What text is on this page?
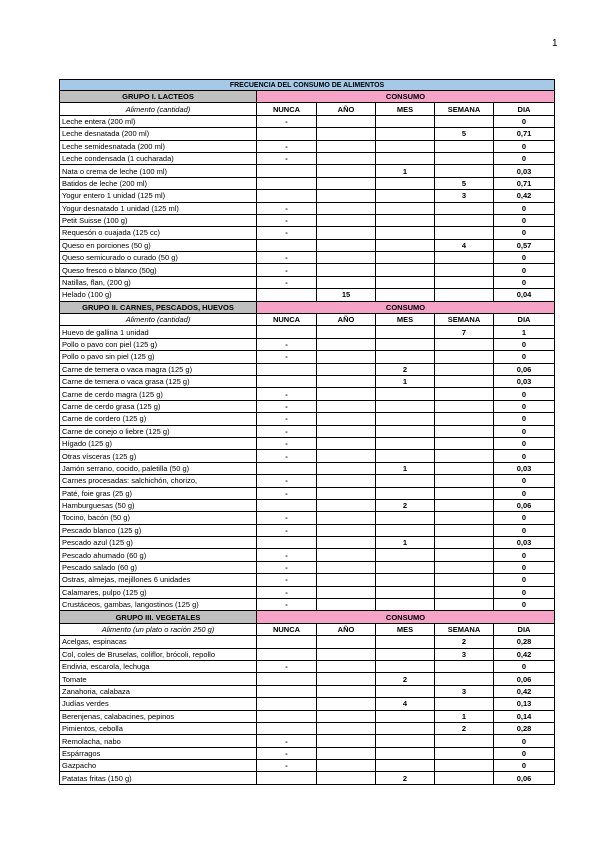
1
FRECUENCIA DEL CONSUMO DE ALIMENTOS					
GRUPO I. LACTEOS	CONSUMO				
Alimento (cantidad)	NUNCA	AÑO	MES	SEMANA	DIA
Leche entera (200 ml)	-				0
Leche desnatada (200 ml)				5	0,71
Leche semidesnatada (200 ml)	-				0
Leche condensada (1 cucharada)	-				0
Nata o crema de leche (100 ml)			1		0,03
Batidos de leche (200 ml)				5	0,71
Yogur entero 1 unidad (125 ml)				3	0,42
Yogur desnatado 1 unidad (125 ml)	-				0
Petit Suisse (100 g)	-				0
Requesón o cuajada (125 cc)	-				0
Queso en porciones (50 g)				4	0,57
Queso semicurado o curado (50 g)	-				0
Queso fresco o blanco (50g)	-				0
Natillas, flan, (200 g)	-				0
Helado (100 g)		15			0,04
GRUPO II. CARNES, PESCADOS, HUEVOS	CONSUMO				
Alimento (cantidad)	NUNCA	AÑO	MES	SEMANA	DIA
Huevo de gallina 1 unidad				7	1
Pollo o pavo con piel (125 g)	-				0
Pollo o pavo sin piel (125 g)	-				0
Carne de ternera o vaca magra (125 g)			2		0,06
Carne de ternera o vaca grasa (125 g)			1		0,03
Carne de cerdo magra (125 g)	-				0
Carne de cerdo grasa (125 g)	-				0
Carne de cordero (125 g)	-				0
Carne de conejo o liebre (125 g)	-				0
Hígado (125 g)	-				0
Otras vísceras (125 g)	-				0
Jamón serrano, cocido, paletilla (50 g)			1		0,03
Carnes procesadas: salchichón, chorizo,	-				0
Paté, foie gras (25 g)	-				0
Hamburguesas (50 g)			2		0,06
Tocino, bacón (50 g)	-				0
Pescado blanco (125 g)	-				0
Pescado azul (125 g)			1		0,03
Pescado ahumado (60 g)	-				0
Pescado salado (60 g)	-				0
Ostras, almejas, mejillones 6 unidades	-				0
Calamares, pulpo (125 g)	-				0
Crustáceos, gambas, langostinos (125 g)	-				0
GRUPO III. VEGETALES	CONSUMO				
Alimento (un plato o ración 250 g)	NUNCA	AÑO	MES	SEMANA	DIA
Acelgas, espinacas				2	0,28
Col, coles de Bruselas, coliflor, brócoli, repollo				3	0,42
Endivia, escarola, lechuga	-				0
Tomate			2		0,06
Zanahoria, calabaza				3	0,42
Judías verdes			4		0,13
Berenjenas, calabacines, pepinos				1	0,14
Pimientos, cebolla				2	0,28
Remolacha, nabo	-				0
Espárragos	-				0
Gazpacho	-				0
Patatas fritas (150 g)			2		0,06
